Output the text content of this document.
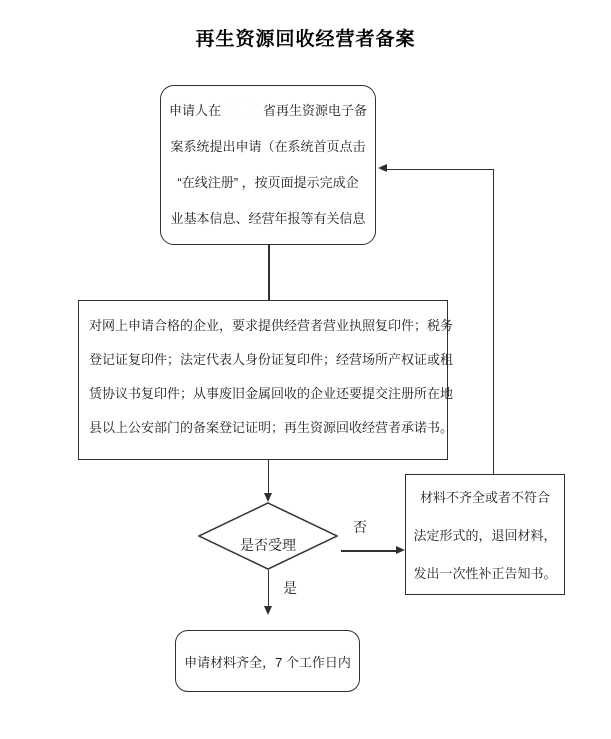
再生资源回收经营者备案
申请人在	省再生资源电子备
案系统提出申请（在系统首页点击
“在线注册” ，按页面提示完成企
业基本信息、经营年报等有关信息
对网上申请合格的企业，要求提供经营者营业执照复印件；税务
登记证复印件；法定代表人身份证复印件；经营场所产权证或租
赁协议书复印件；从事废旧金属回收的企业还要提交注册所在地
县以上公安部门的备案登记证明；再生资源回收经营者承诺书。
是否受理
否
材料不齐全或者不符合
法定形式的，退回材料，
发出一次性补正告知书。
是
申请材料齐全，7 个工作日内
